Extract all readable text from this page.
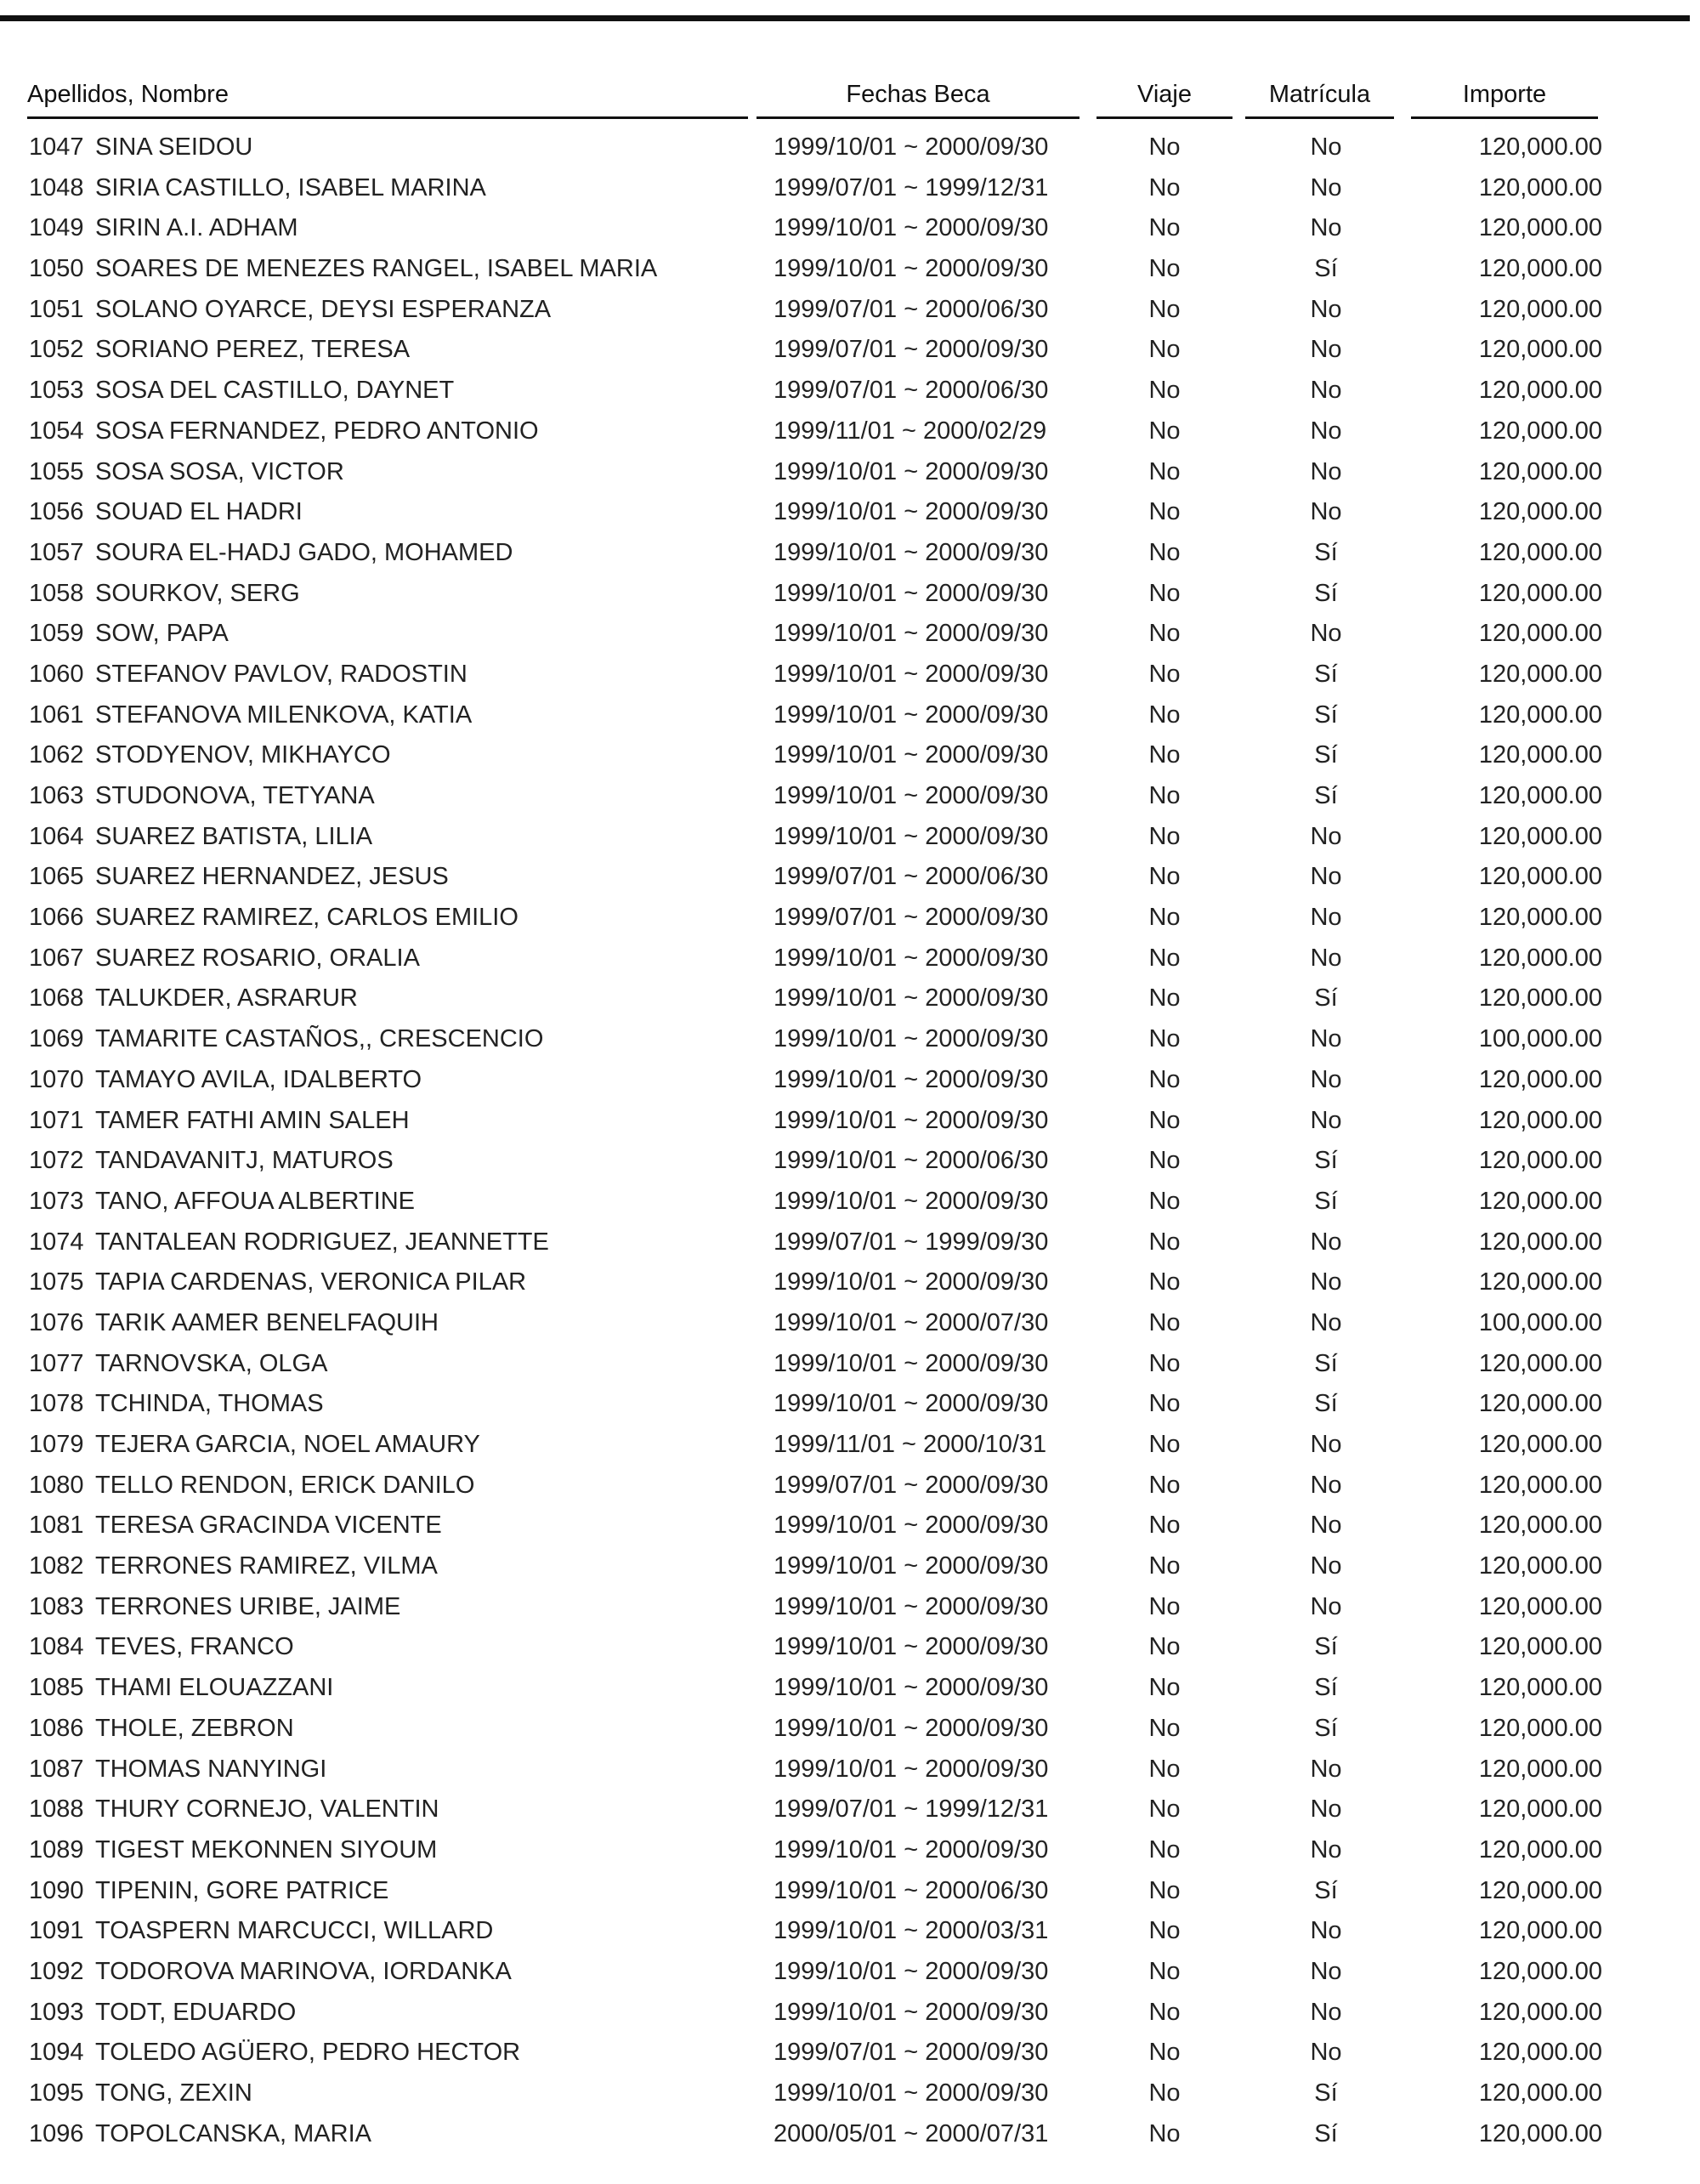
Apellidos, Nombre	Fechas Beca	Viaje	Matrícula	Importe
1047 SINA SEIDOU	1999/10/01 ~ 2000/09/30	No	No	120,000.00
1048 SIRIA CASTILLO, ISABEL MARINA	1999/07/01 ~ 1999/12/31	No	No	120,000.00
1049 SIRIN A.I. ADHAM	1999/10/01 ~ 2000/09/30	No	No	120,000.00
1050 SOARES DE MENEZES RANGEL, ISABEL MARIA	1999/10/01 ~ 2000/09/30	No	Sí	120,000.00
1051 SOLANO OYARCE, DEYSI ESPERANZA	1999/07/01 ~ 2000/06/30	No	No	120,000.00
1052 SORIANO PEREZ, TERESA	1999/07/01 ~ 2000/09/30	No	No	120,000.00
1053 SOSA DEL CASTILLO, DAYNET	1999/07/01 ~ 2000/06/30	No	No	120,000.00
1054 SOSA FERNANDEZ, PEDRO ANTONIO	1999/11/01 ~ 2000/02/29	No	No	120,000.00
1055 SOSA SOSA, VICTOR	1999/10/01 ~ 2000/09/30	No	No	120,000.00
1056 SOUAD EL HADRI	1999/10/01 ~ 2000/09/30	No	No	120,000.00
1057 SOURA EL-HADJ GADO, MOHAMED	1999/10/01 ~ 2000/09/30	No	Sí	120,000.00
1058 SOURKOV, SERG	1999/10/01 ~ 2000/09/30	No	Sí	120,000.00
1059 SOW, PAPA	1999/10/01 ~ 2000/09/30	No	No	120,000.00
1060 STEFANOV PAVLOV, RADOSTIN	1999/10/01 ~ 2000/09/30	No	Sí	120,000.00
1061 STEFANOVA MILENKOVA, KATIA	1999/10/01 ~ 2000/09/30	No	Sí	120,000.00
1062 STODYENOV, MIKHAYCO	1999/10/01 ~ 2000/09/30	No	Sí	120,000.00
1063 STUDONOVA, TETYANA	1999/10/01 ~ 2000/09/30	No	Sí	120,000.00
1064 SUAREZ BATISTA, LILIA	1999/10/01 ~ 2000/09/30	No	No	120,000.00
1065 SUAREZ HERNANDEZ, JESUS	1999/07/01 ~ 2000/06/30	No	No	120,000.00
1066 SUAREZ RAMIREZ, CARLOS EMILIO	1999/07/01 ~ 2000/09/30	No	No	120,000.00
1067 SUAREZ ROSARIO, ORALIA	1999/10/01 ~ 2000/09/30	No	No	120,000.00
1068 TALUKDER, ASRARUR	1999/10/01 ~ 2000/09/30	No	Sí	120,000.00
1069 TAMARITE CASTAÑOS,, CRESCENCIO	1999/10/01 ~ 2000/09/30	No	No	100,000.00
1070 TAMAYO AVILA, IDALBERTO	1999/10/01 ~ 2000/09/30	No	No	120,000.00
1071 TAMER FATHI AMIN SALEH	1999/10/01 ~ 2000/09/30	No	No	120,000.00
1072 TANDAVANITJ, MATUROS	1999/10/01 ~ 2000/06/30	No	Sí	120,000.00
1073 TANO, AFFOUA ALBERTINE	1999/10/01 ~ 2000/09/30	No	Sí	120,000.00
1074 TANTALEAN RODRIGUEZ, JEANNETTE	1999/07/01 ~ 1999/09/30	No	No	120,000.00
1075 TAPIA CARDENAS, VERONICA PILAR	1999/10/01 ~ 2000/09/30	No	No	120,000.00
1076 TARIK AAMER BENELFAQUIH	1999/10/01 ~ 2000/07/30	No	No	100,000.00
1077 TARNOVSKA, OLGA	1999/10/01 ~ 2000/09/30	No	Sí	120,000.00
1078 TCHINDA, THOMAS	1999/10/01 ~ 2000/09/30	No	Sí	120,000.00
1079 TEJERA GARCIA, NOEL AMAURY	1999/11/01 ~ 2000/10/31	No	No	120,000.00
1080 TELLO RENDON, ERICK DANILO	1999/07/01 ~ 2000/09/30	No	No	120,000.00
1081 TERESA GRACINDA VICENTE	1999/10/01 ~ 2000/09/30	No	No	120,000.00
1082 TERRONES RAMIREZ, VILMA	1999/10/01 ~ 2000/09/30	No	No	120,000.00
1083 TERRONES URIBE, JAIME	1999/10/01 ~ 2000/09/30	No	No	120,000.00
1084 TEVES, FRANCO	1999/10/01 ~ 2000/09/30	No	Sí	120,000.00
1085 THAMI ELOUAZZANI	1999/10/01 ~ 2000/09/30	No	Sí	120,000.00
1086 THOLE, ZEBRON	1999/10/01 ~ 2000/09/30	No	Sí	120,000.00
1087 THOMAS NANYINGI	1999/10/01 ~ 2000/09/30	No	No	120,000.00
1088 THURY CORNEJO, VALENTIN	1999/07/01 ~ 1999/12/31	No	No	120,000.00
1089 TIGEST MEKONNEN SIYOUM	1999/10/01 ~ 2000/09/30	No	No	120,000.00
1090 TIPENIN, GORE PATRICE	1999/10/01 ~ 2000/06/30	No	Sí	120,000.00
1091 TOASPERN MARCUCCI, WILLARD	1999/10/01 ~ 2000/03/31	No	No	120,000.00
1092 TODOROVA MARINOVA, IORDANKA	1999/10/01 ~ 2000/09/30	No	No	120,000.00
1093 TODT, EDUARDO	1999/10/01 ~ 2000/09/30	No	No	120,000.00
1094 TOLEDO AGÜERO, PEDRO HECTOR	1999/07/01 ~ 2000/09/30	No	No	120,000.00
1095 TONG, ZEXIN	1999/10/01 ~ 2000/09/30	No	Sí	120,000.00
1096 TOPOLCANSKA, MARIA	2000/05/01 ~ 2000/07/31	No	Sí	120,000.00
